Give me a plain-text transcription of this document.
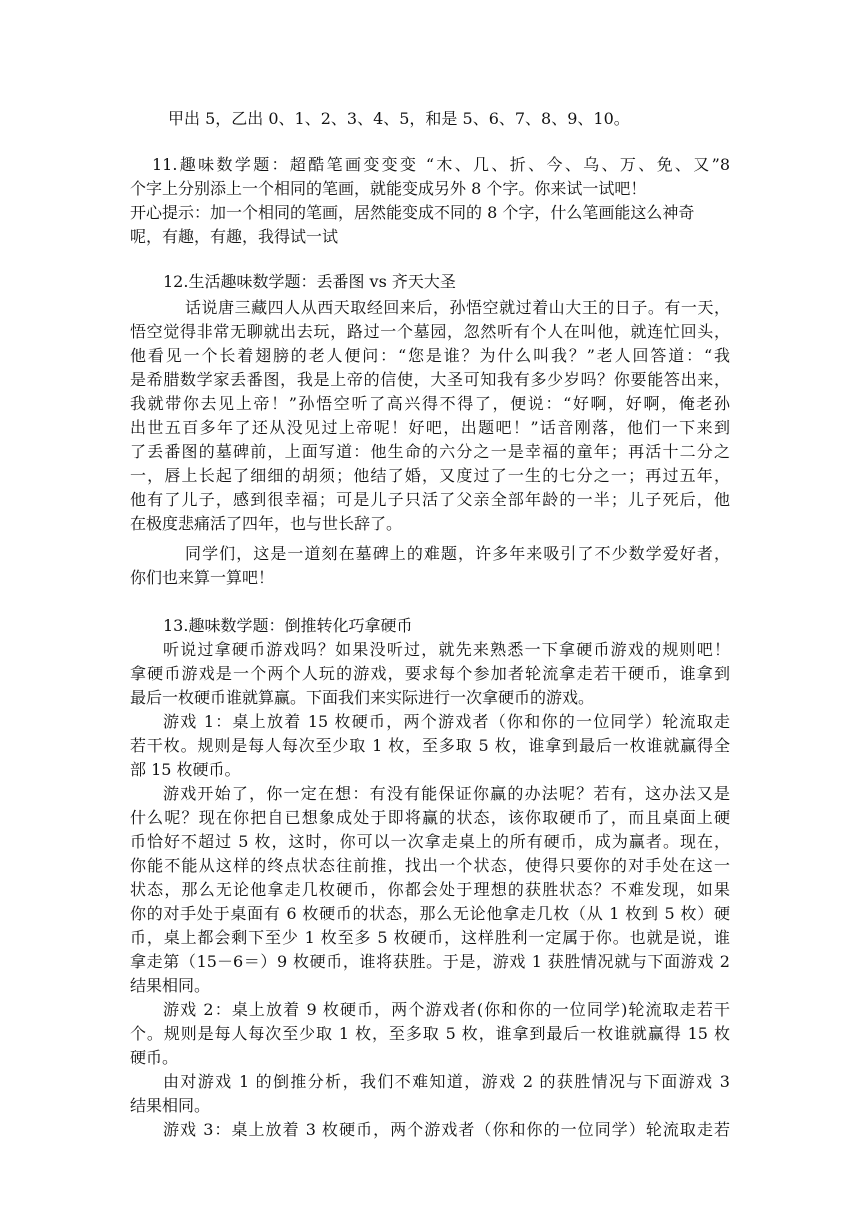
甲出 5，乙出 0、1、2、3、4、5，和是 5、6、7、8、9、10。
11.趣味数学题：超酷笔画变变变 “木、几、折、今、乌、万、免、又”8
个字上分别添上一个相同的笔画，就能变成另外 8 个字。你来试一试吧！
开心提示：加一个相同的笔画，居然能变成不同的 8 个字，什么笔画能这么神奇
呢，有趣，有趣，我得试一试
12.生活趣味数学题：丢番图 vs 齐天大圣
话说唐三藏四人从西天取经回来后，孙悟空就过着山大王的日子。有一天，
悟空觉得非常无聊就出去玩，路过一个墓园，忽然听有个人在叫他，就连忙回头，
他看见一个长着翅膀的老人便问：“您是谁？为什么叫我？”老人回答道：“我
是希腊数学家丢番图，我是上帝的信使，大圣可知我有多少岁吗？你要能答出来，
我就带你去见上帝！”孙悟空听了高兴得不得了，便说：“好啊，好啊，俺老孙
出世五百多年了还从没见过上帝呢！好吧，出题吧！”话音刚落，他们一下来到
了丢番图的墓碑前，上面写道：他生命的六分之一是幸福的童年；再活十二分之
一，唇上长起了细细的胡须；他结了婚，又度过了一生的七分之一；再过五年，
他有了儿子，感到很幸福；可是儿子只活了父亲全部年龄的一半；儿子死后，他
在极度悲痛活了四年，也与世长辞了。
同学们，这是一道刻在墓碑上的难题，许多年来吸引了不少数学爱好者，
你们也来算一算吧！
13.趣味数学题：倒推转化巧拿硬币
听说过拿硬币游戏吗？如果没听过，就先来熟悉一下拿硬币游戏的规则吧！
拿硬币游戏是一个两个人玩的游戏，要求每个参加者轮流拿走若干硬币，谁拿到
最后一枚硬币谁就算赢。下面我们来实际进行一次拿硬币的游戏。
游戏 1：桌上放着 15 枚硬币，两个游戏者（你和你的一位同学）轮流取走
若干枚。规则是每人每次至少取 1 枚，至多取 5 枚，谁拿到最后一枚谁就赢得全
部 15 枚硬币。
游戏开始了，你一定在想：有没有能保证你赢的办法呢？若有，这办法又是
什么呢？现在你把自已想象成处于即将赢的状态，该你取硬币了，而且桌面上硬
币恰好不超过 5 枚，这时，你可以一次拿走桌上的所有硬币，成为赢者。现在，
你能不能从这样的终点状态往前推，找出一个状态，使得只要你的对手处在这一
状态，那么无论他拿走几枚硬币，你都会处于理想的获胜状态？不难发现，如果
你的对手处于桌面有 6 枚硬币的状态，那么无论他拿走几枚（从 1 枚到 5 枚）硬
币，桌上都会剩下至少 1 枚至多 5 枚硬币，这样胜利一定属于你。也就是说，谁
拿走第（15－6＝）9 枚硬币，谁将获胜。于是，游戏 1 获胜情况就与下面游戏 2
结果相同。
游戏 2：桌上放着 9 枚硬币，两个游戏者(你和你的一位同学)轮流取走若干
个。规则是每人每次至少取 1 枚，至多取 5 枚，谁拿到最后一枚谁就赢得 15 枚
硬币。
由对游戏 1 的倒推分析，我们不难知道，游戏 2 的获胜情况与下面游戏 3
结果相同。
游戏 3：桌上放着 3 枚硬币，两个游戏者（你和你的一位同学）轮流取走若
